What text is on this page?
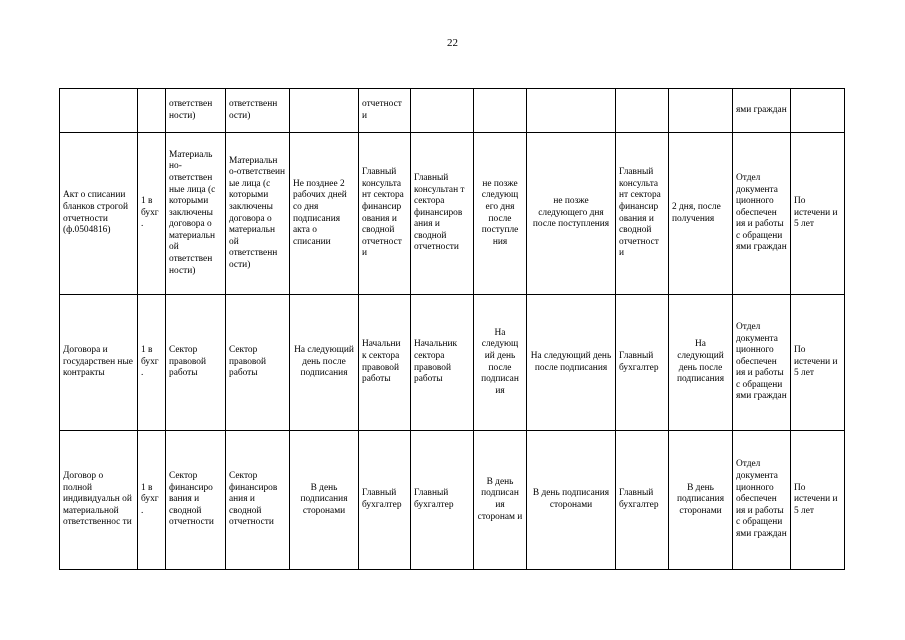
22
		ответствен ности)	ответственн ости)		отчетност и						ями граждан	
Акт о списании бланков строгой отчетности (ф.0504816)	1 в бухг .	Материаль но-ответствен ные лица (с которыми заключены договора о материальн ой ответствен ности)	Материальн о-ответствеин ые лица (с которыми заключены договора о материальн ой ответственн ости)	Не позднее 2 рабочих дней со дня подписания акта о списании	Главный консульта нт сектора финансир ования и сводной отчетност и	Главный консультан т сектора финансиров ания и сводной отчетности	не позже следующ его дня после поступле ния	не позже следующего дня после поступления	Главный консульта нт сектора финансир ования и сводной отчетност и	2 дня, после получения	Отдел документа ционного обеспечен ия и работы с обращени ями граждан	По истечени и 5 лет
Договора и государствен ные контракты	1 в бухг .	Сектор правовой работы	Сектор правовой работы	На следующий день после подписания	Начальни к сектора правовой работы	Начальник сектора правовой работы	На следующ ий день после подписан ия	На следующий день после подписания	Главный бухгалтер	На следующий день после подписания	Отдел документа ционного обеспечен ия и работы с обращени ями граждан	По истечени и 5 лет
Договор о полной индивидуальн ой материальной ответственнос ти	1 в бухг .	Сектор финансиро вания и сводной отчетности	Сектор финансиров ания и сводной отчетности	В день подписания сторонами	Главный бухгалтер	Главный бухгалтер	В день подписан ия сторонам и	В день подписания сторонами	Главный бухгалтер	В день подписания сторонами	Отдел документа ционного обеспечен ия и работы с обращени ями граждан	По истечени и 5 лет
